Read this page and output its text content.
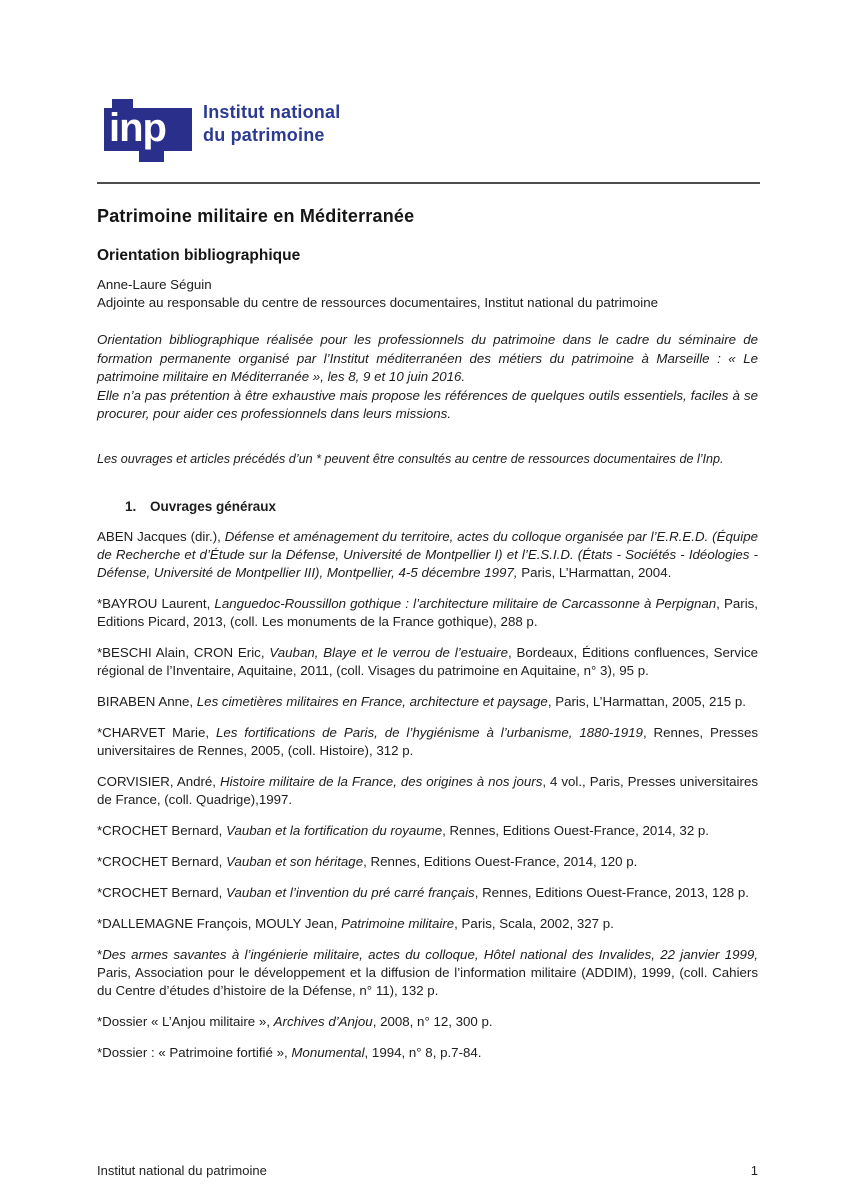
inp	Institut national
du patrimoine
Patrimoine militaire en Méditerranée
Orientation bibliographique

Anne-Laure Séguin

Adjointe au responsable du centre de ressources documentaires, Institut national du patrimoine

Orientation bibliographique réalisée pour les professionnels du patrimoine dans le cadre du séminaire de formation permanente organisé par l’Institut méditerranéen des métiers du patrimoine à Marseille : « Le patrimoine militaire en Méditerranée », les 8, 9 et 10 juin 2016.

Elle n’a pas prétention à être exhaustive mais propose les références de quelques outils essentiels, faciles à se procurer, pour aider ces professionnels dans leurs missions.

Les ouvrages et articles précédés d’un * peuvent être consultés au centre de ressources documentaires de l’Inp.

1.	Ouvrages généraux

ABEN Jacques (dir.), Défense et aménagement du territoire, actes du colloque organisée par l’E.R.E.D. (Équipe de Recherche et d’Étude sur la Défense, Université de Montpellier I) et l’E.S.I.D. (États - Sociétés - Idéologies - Défense, Université de Montpellier III), Montpellier, 4-5 décembre 1997, Paris, L’Harmattan, 2004.

*BAYROU Laurent, Languedoc-Roussillon gothique : l’architecture militaire de Carcassonne à Perpignan, Paris, Editions Picard, 2013, (coll. Les monuments de la France gothique), 288 p.

*BESCHI Alain, CRON Eric, Vauban, Blaye et le verrou de l’estuaire, Bordeaux, Éditions confluences, Service régional de l’Inventaire, Aquitaine, 2011, (coll. Visages du patrimoine en Aquitaine, n° 3), 95 p.

BIRABEN Anne, Les cimetières militaires en France, architecture et paysage, Paris, L’Harmattan, 2005, 215 p.

*CHARVET Marie, Les fortifications de Paris, de l’hygiénisme à l’urbanisme, 1880-1919, Rennes, Presses universitaires de Rennes, 2005, (coll. Histoire), 312 p.

CORVISIER, André, Histoire militaire de la France, des origines à nos jours, 4 vol., Paris, Presses universitaires de France, (coll. Quadrige),1997.

*CROCHET Bernard, Vauban et la fortification du royaume, Rennes, Editions Ouest-France, 2014, 32 p.

*CROCHET Bernard, Vauban et son héritage, Rennes, Editions Ouest-France, 2014, 120 p.

*CROCHET Bernard, Vauban et l’invention du pré carré français, Rennes, Editions Ouest-France, 2013, 128 p.

*DALLEMAGNE François, MOULY Jean, Patrimoine militaire, Paris, Scala, 2002, 327 p.

*Des armes savantes à l’ingénierie militaire, actes du colloque, Hôtel national des Invalides, 22 janvier 1999, Paris, Association pour le développement et la diffusion de l’information militaire (ADDIM), 1999, (coll. Cahiers du Centre d’études d’histoire de la Défense, n° 11), 132 p.

*Dossier « L’Anjou militaire », Archives d’Anjou, 2008, n° 12, 300 p.

*Dossier : « Patrimoine fortifié », Monumental, 1994, n° 8, p.7-84.

Institut national du patrimoine	1
